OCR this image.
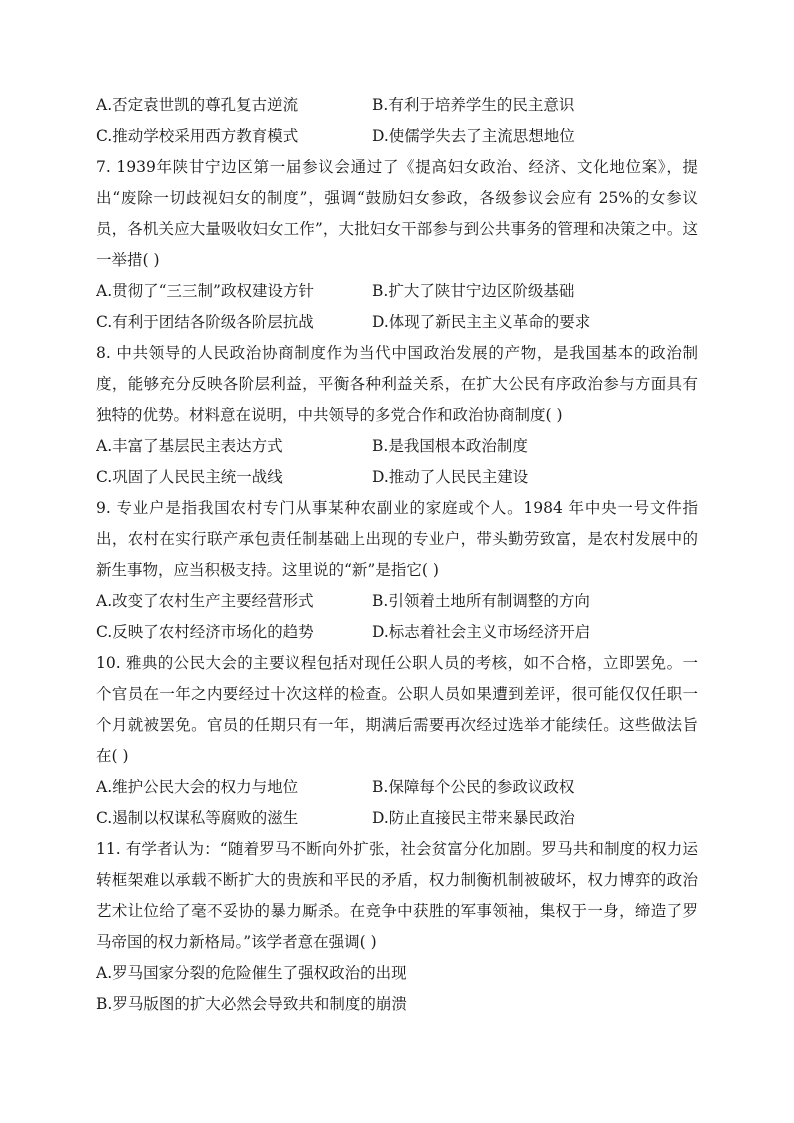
A.否定袁世凯的尊孔复古逆流	B.有利于培养学生的民主意识
C.推动学校采用西方教育模式	D.使儒学失去了主流思想地位
7. 1939年陕甘宁边区第一届参议会通过了《提高妇女政治、经济、文化地位案》，提出“废除一切歧视妇女的制度”，强调“鼓励妇女参政，各级参议会应有 25%的女参议员，各机关应大量吸收妇女工作”，大批妇女干部参与到公共事务的管理和决策之中。这一举措( )
A.贯彻了“三三制”政权建设方针	B.扩大了陕甘宁边区阶级基础
C.有利于团结各阶级各阶层抗战	D.体现了新民主主义革命的要求
8. 中共领导的人民政治协商制度作为当代中国政治发展的产物，是我国基本的政治制度，能够充分反映各阶层利益，平衡各种利益关系，在扩大公民有序政治参与方面具有独特的优势。材料意在说明，中共领导的多党合作和政治协商制度( )
A.丰富了基层民主表达方式	B.是我国根本政治制度
C.巩固了人民民主统一战线	D.推动了人民民主建设
9. 专业户是指我国农村专门从事某种农副业的家庭或个人。1984 年中央一号文件指出，农村在实行联产承包责任制基础上出现的专业户，带头勤劳致富，是农村发展中的新生事物，应当积极支持。这里说的“新”是指它( )
A.改变了农村生产主要经营形式	B.引领着土地所有制调整的方向
C.反映了农村经济市场化的趋势	D.标志着社会主义市场经济开启
10. 雅典的公民大会的主要议程包括对现任公职人员的考核，如不合格，立即罢免。一个官员在一年之内要经过十次这样的检查。公职人员如果遭到差评，很可能仅仅任职一个月就被罢免。官员的任期只有一年，期满后需要再次经过选举才能续任。这些做法旨在( )
A.维护公民大会的权力与地位	B.保障每个公民的参政议政权
C.遏制以权谋私等腐败的滋生	D.防止直接民主带来暴民政治
11. 有学者认为：“随着罗马不断向外扩张，社会贫富分化加剧。罗马共和制度的权力运转框架难以承载不断扩大的贵族和平民的矛盾，权力制衡机制被破坏，权力博弈的政治艺术让位给了毫不妥协的暴力厮杀。在竞争中获胜的军事领袖，集权于一身，缔造了罗马帝国的权力新格局。”该学者意在强调( )
A.罗马国家分裂的危险催生了强权政治的出现
B.罗马版图的扩大必然会导致共和制度的崩溃
